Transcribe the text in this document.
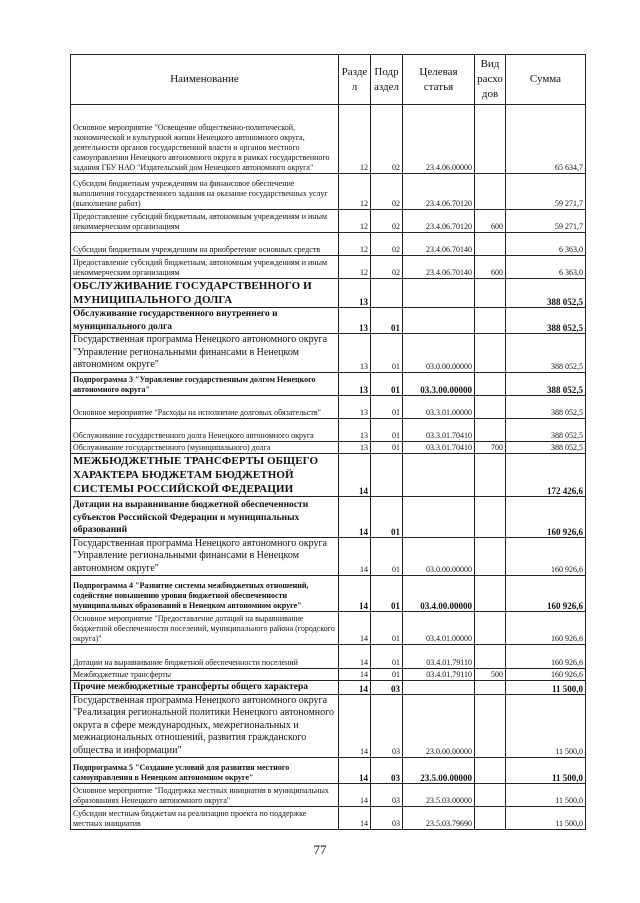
Наименование	Разде л	Подр аздел	Целевая статья	Вид расхо дов	Сумма
Основное мероприятие "Освещение общественно-политической, экономической и культурной жизни Ненецкого автономного округа, деятельности органов государственной власти и органов местного самоуправления Ненецкого автономного округа в рамках государственного задания ГБУ НАО "Издательский дом Ненецкого автономного округа"	12	02	23.4.06.00000		65 634,7
Субсидии бюджетным учреждениям на финансовое обеспечение выполнения государственного задания на оказание государственных услуг (выполнение работ)	12	02	23.4.06.70120		59 271,7
Предоставление субсидий бюджетным, автономным учреждениям и иным некоммерческим организациям	12	02	23.4.06.70120	600	59 271,7
Субсидии бюджетным учреждениям на приобретение основных средств	12	02	23.4.06.70140		6 363,0
Предоставление субсидий бюджетным, автономным учреждениям и иным некоммерческим организациям	12	02	23.4.06.70140	600	6 363,0
ОБСЛУЖИВАНИЕ ГОСУДАРСТВЕННОГО И МУНИЦИПАЛЬНОГО ДОЛГА	13				388 052,5
Обслуживание государственного внутреннего и муниципального долга	13	01			388 052,5
Государственная программа Ненецкого автономного округа "Управление региональными финансами в Ненецком автономном округе"	13	01	03.0.00.00000		388 052,5
Подпрограмма 3 "Управление государственным долгом Ненецкого автономного округа"	13	01	03.3.00.00000		388 052,5
Основное мероприятие "Расходы на исполнение долговых обязательств"	13	01	03.3.01.00000		388 052,5
Обслуживание государственного долга Ненецкого автономного округа	13	01	03.3.01.70410		388 052,5
Обслуживание государственного (муниципального) долга	13	01	03.3.01.70410	700	388 052,5
МЕЖБЮДЖЕТНЫЕ ТРАНСФЕРТЫ ОБЩЕГО ХАРАКТЕРА БЮДЖЕТАМ БЮДЖЕТНОЙ СИСТЕМЫ РОССИЙСКОЙ ФЕДЕРАЦИИ	14				172 426,6
Дотации на выравнивание бюджетной обеспеченности субъектов Российской Федерации и муниципальных образований	14	01			160 926,6
Государственная программа Ненецкого автономного округа "Управление региональными финансами в Ненецком автономном округе"	14	01	03.0.00.00000		160 926,6
Подпрограмма 4 "Развитие системы межбюджетных отношений, содействие повышению уровня бюджетной обеспеченности муниципальных образований в Ненецком автономном округе"	14	01	03.4.00.00000		160 926,6
Основное мероприятие "Предоставление дотаций на выравнивание бюджетной обеспеченности поселений, муниципального района (городского округа)"	14	01	03.4.01.00000		160 926,6
Дотации на выравнивание бюджетной обеспеченности поселений	14	01	03.4.01.79110		160 926,6
Межбюджетные трансферты	14	01	03.4.01.79110	500	160 926,6
Прочие межбюджетные трансферты общего характера	14	03			11 500,0
Государственная программа Ненецкого автономного округа "Реализация региональной политики Ненецкого автономного округа в сфере международных, межрегиональных и межнациональных отношений, развития гражданского общества и информации"	14	03	23.0.00.00000		11 500,0
Подпрограмма 5 "Создание условий для развития местного самоуправления в Ненецком автономном округе"	14	03	23.5.00.00000		11 500,0
Основное мероприятие "Поддержка местных инициатив в муниципальных образованиях Ненецкого автономного округа"	14	03	23.5.03.00000		11 500,0
Субсидии местным бюджетам на реализацию проекта по поддержке местных инициатив	14	03	23.5.03.79690		11 500,0
77
